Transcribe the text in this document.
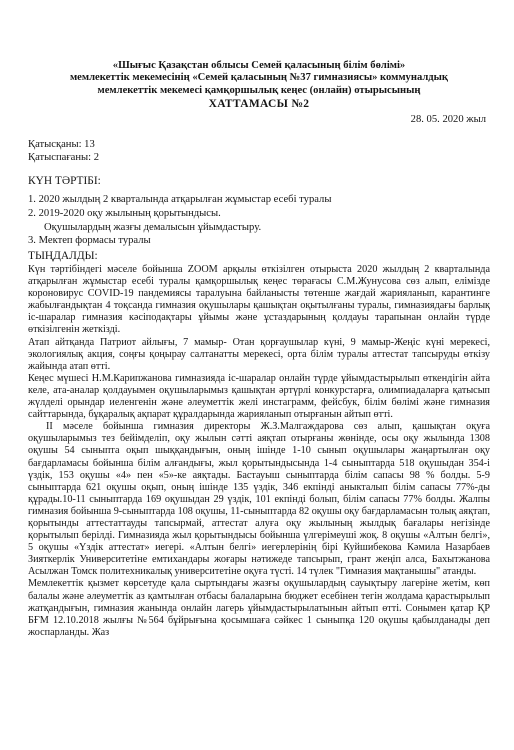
«Шығыс Қазақстан облысы Семей қаласының білім бөлімі»
мемлекеттік мекемесінің «Семей қаласының №37 гимназиясы» коммуналдық
мемлекеттік мекемесі қамқоршылық кеңес (онлайн) отырысының
ХАТТАМАСЫ №2
28. 05. 2020 жыл
Қатысқаны: 13
Қатыспағаны: 2
КҮН ТӘРТІБІ:
1. 2020 жылдың 2 кварталында атқарылған жұмыстар есебі туралы
2. 2019-2020 оқу жылының қорытындысы.
Оқушылардың жазғы демалысын ұйымдастыру.
3. Мектеп формасы туралы
ТЫҢДАЛДЫ:

Күн тәртібіндегі мәселе бойынша ZOOM арқылы өткізілген отырыста 2020 жылдың 2 кварталында атқарылған жұмыстар есебі туралы қамқоршылық кеңес төрағасы С.М.Жунусова сөз алып, елімізде короновирус COVID-19 пандемиясы таралуына байланысты төтенше жағдай жарияланып, карантинге жабылғандықтан 4 тоқсанда гимназия оқушылары қашықтан оқытылғаны туралы, гимназиядағы барлық іс-шаралар гимназия кәсіподақтары ұйымы және ұстаздарының қолдауы тарапынан онлайн түрде өткізілгенін жеткізді.

Атап айтқанда Патриот айлығы, 7 мамыр- Отан қорғаушылар күні, 9 мамыр-Жеңіс күні мерекесі, экологиялық акция, соңғы қоңырау салтанатты мерекесі, орта білім туралы аттестат тапсыруды өткізу жайында атап өтті.

Кеңес мүшесі Н.М.Карипжанова гимназияда іс-шаралар онлайн түрде ұйымдастырылып өткендігін айта келе, ата-аналар қолдауымен оқушыларымыз қашықтан әртүрлі конкурстарға, олимпиадаларға қатысып жүлделі орындар иеленгенін және әлеуметтік желі инстаграмм, фейсбук, білім бөлімі және гимназия сайттарында, бұқаралық ақпарат құралдарында жарияланып отырғанын айтып өтті.

ІІ мәселе бойынша гимназия директоры Ж.З.Малгаждарова сөз алып, қашықтан оқуға оқушыларымыз тез бейімделіп, оқу жылын сәтті аяқтап отырғаны жөнінде, осы оқу жылында 1308 оқушы 54 сыныпта оқып шыққандығын, оның ішінде 1-10 сынып оқушылары жаңартылған оқу бағдарламасы бойынша білім алғандығы, жыл қорытындысында 1-4 сыныптарда 518 оқушыдан 354-і үздік, 153 оқушы «4» пен «5»-ке аяқтады. Бастауыш сыныптарда білім сапасы 98 % болды. 5-9 сыныптарда 621 оқушы оқып, оның ішінде 135 үздік, 346 екпінді аныкталып білім сапасы 77%-ды құрады.10-11 сыныптарда 169 оқушыдан 29 үздік, 101 екпінді болып, білім сапасы 77% болды. Жалпы гимназия бойынша 9-сыныптарда 108 оқушы, 11-сыныптарда 82 оқушы оқу бағдарламасын толық аяқтап, қорытынды аттестаттауды тапсырмай, аттестат алуға оқу жылының жылдық бағалары негізінде қорытылып берілді. Гимназияда жыл қорытындысы бойынша үлгерімеуші жоқ. 8 оқушы «Алтын белгі», 5 оқушы «Үздік аттестат» иегері. «Алтын белгі» иегерлерінің бірі Куйшибекова Кәмила Назарбаев Зияткерлік Университетіне емтихандары жоғары нәтижеде тапсырып, грант жеңіп алса, Бахытжанова Асылжан Томск политехникалық университетіне оқуға түсті. 14 түлек "Гимназия мақтанышы" атанды.

Мемлекеттік қызмет көрсетуде қала сыртындағы жазғы оқушылардың сауықтыру лагеріне жетім, көп балалы және әлеуметтік аз қамтылған отбасы балаларына бюджет есебінен тегін жолдама қарастырылып жатқандығын, гимназия жанында онлайн лагерь ұйымдастырылатынын айтып өтті. Сонымен қатар ҚР БҒМ 12.10.2018 жылғы №564 бұйрығына қосымшаға сәйкес 1 сыныпқа 120 оқушы қабылданады деп жоспарланды. Жаз
